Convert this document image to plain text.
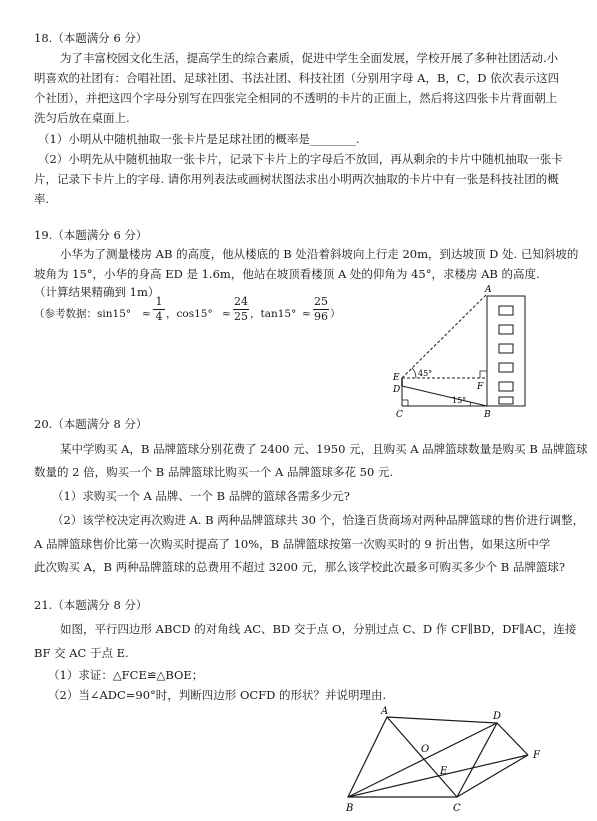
18.（本题满分 6 分）
为了丰富校园文化生活，提高学生的综合素质，促进中学生全面发展，学校开展了多种社团活动.小
明喜欢的社团有：合唱社团、足球社团、书法社团、科技社团（分别用字母 A，B，C，D 依次表示这四
个社团），并把这四个字母分别写在四张完全相同的不透明的卡片的正面上，然后将这四张卡片背面朝上
洗匀后放在桌面上.
（1）小明从中随机抽取一张卡片是足球社团的概率是________.
（2）小明先从中随机抽取一张卡片，记录下卡片上的字母后不放回，再从剩余的卡片中随机抽取一张卡
片，记录下卡片上的字母. 请你用列表法或画树状图法求出小明两次抽取的卡片中有一张是科技社团的概
率.
19.（本题满分 6 分）
小华为了测量楼房 AB 的高度，他从楼底的 B 处沿着斜坡向上行走 20m，到达坡顶 D 处. 已知斜坡的
坡角为 15°，小华的身高 ED 是 1.6m，他站在坡顶看楼顶 A 处的仰角为 45°，求楼房 AB 的高度.
（计算结果精确到 1m）
（参考数据：sin15° ≈
1
4 ，cos15° ≈
24
25 ，tan15° ≈
25
96 ）
A
E
D
C	B
F
45°
15°
20.（本题满分 8 分）
某中学购买 A，B 品牌篮球分别花费了 2400 元、1950 元，且购买 A 品牌篮球数量是购买 B 品牌篮球
数量的 2 倍，购买一个 B 品牌篮球比购买一个 A 品牌篮球多花 50 元.
（1）求购买一个 A 品牌、一个 B 品牌的篮球各需多少元?
（2）该学校决定再次购进 A. B 两种品牌篮球共 30 个，恰逢百货商场对两种品牌篮球的售价进行调整，
A 品牌篮球售价比第一次购买时提高了 10%，B 品牌篮球按第一次购买时的 9 折出售，如果这所中学
此次购买 A，B 两种品牌篮球的总费用不超过 3200 元，那么该学校此次最多可购买多少个 B 品牌篮球?
21.（本题满分 8 分）
如图，平行四边形 ABCD 的对角线 AC、BD 交于点 O，分别过点 C、D 作 CF∥BD，DF∥AC，连接
BF 交 AC 于点 E.
（1）求证：△FCE≌△BOE；
（2）当∠ADC=90°时，判断四边形 OCFD 的形状？并说明理由.
A	D
O
E
F
B	C
